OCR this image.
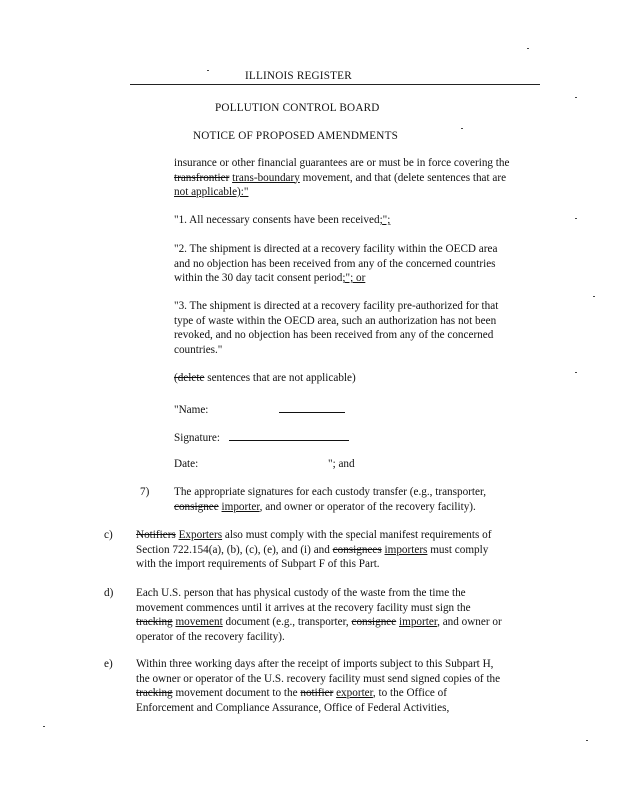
ILLINOIS REGISTER
POLLUTION CONTROL BOARD
NOTICE OF PROPOSED AMENDMENTS
insurance or other financial guarantees are or must be in force covering the
transfrontier trans-boundary movement, and that (delete sentences that are
not applicable):"
"1. All necessary consents have been received;";
"2. The shipment is directed at a recovery facility within the OECD area
and no objection has been received from any of the concerned countries
within the 30 day tacit consent period;"; or
"3. The shipment is directed at a recovery facility pre-authorized for that
type of waste within the OECD area, such an authorization has not been
revoked, and no objection has been received from any of the concerned
countries."
(delete sentences that are not applicable)
"Name:
Signature:
Date:	"; and
7) The appropriate signatures for each custody transfer (e.g., transporter,
consignee importer, and owner or operator of the recovery facility).
c) Notifiers Exporters also must comply with the special manifest requirements of
Section 722.154(a), (b), (c), (e), and (i) and consignees importers must comply
with the import requirements of Subpart F of this Part.
d) Each U.S. person that has physical custody of the waste from the time the
movement commences until it arrives at the recovery facility must sign the
tracking movement document (e.g., transporter, consignee importer, and owner or
operator of the recovery facility).
e) Within three working days after the receipt of imports subject to this Subpart H,
the owner or operator of the U.S. recovery facility must send signed copies of the
tracking movement document to the notifier exporter, to the Office of
Enforcement and Compliance Assurance, Office of Federal Activities,
